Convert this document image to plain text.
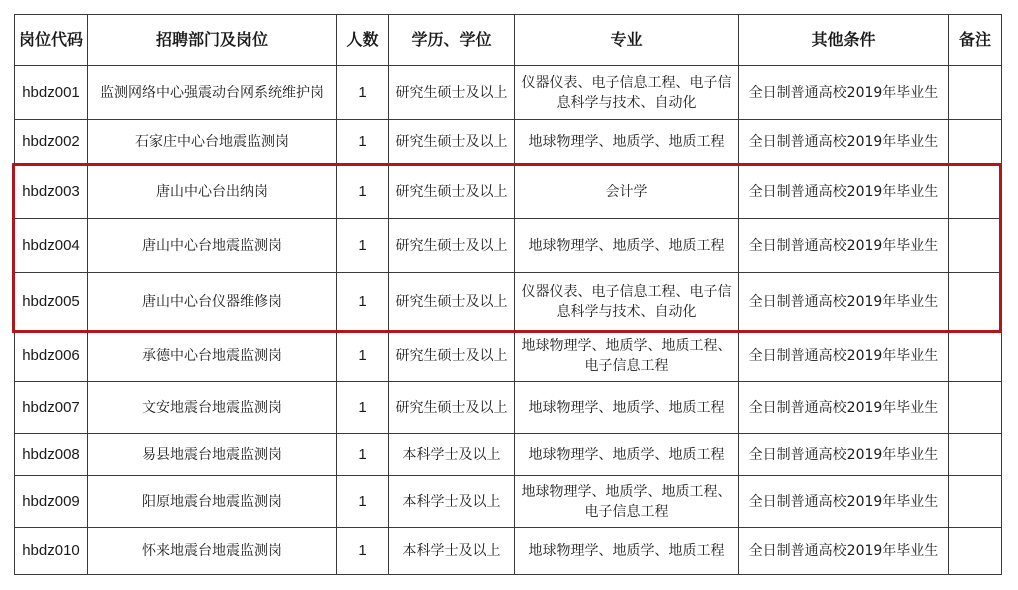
岗位代码	招聘部门及岗位	人数	学历、学位	专业	其他条件	备注
hbdz001	监测网络中心强震动台网系统维护岗	1	研究生硕士及以上	仪器仪表、电子信息工程、电子信息科学与技术、自动化	全日制普通高校2019年毕业生	
hbdz002	石家庄中心台地震监测岗	1	研究生硕士及以上	地球物理学、地质学、地质工程	全日制普通高校2019年毕业生	
hbdz003	唐山中心台出纳岗	1	研究生硕士及以上	会计学	全日制普通高校2019年毕业生	
hbdz004	唐山中心台地震监测岗	1	研究生硕士及以上	地球物理学、地质学、地质工程	全日制普通高校2019年毕业生	
hbdz005	唐山中心台仪器维修岗	1	研究生硕士及以上	仪器仪表、电子信息工程、电子信息科学与技术、自动化	全日制普通高校2019年毕业生	
hbdz006	承德中心台地震监测岗	1	研究生硕士及以上	地球物理学、地质学、地质工程、电子信息工程	全日制普通高校2019年毕业生	
hbdz007	文安地震台地震监测岗	1	研究生硕士及以上	地球物理学、地质学、地质工程	全日制普通高校2019年毕业生	
hbdz008	易县地震台地震监测岗	1	本科学士及以上	地球物理学、地质学、地质工程	全日制普通高校2019年毕业生	
hbdz009	阳原地震台地震监测岗	1	本科学士及以上	地球物理学、地质学、地质工程、电子信息工程	全日制普通高校2019年毕业生	
hbdz010	怀来地震台地震监测岗	1	本科学士及以上	地球物理学、地质学、地质工程	全日制普通高校2019年毕业生	
